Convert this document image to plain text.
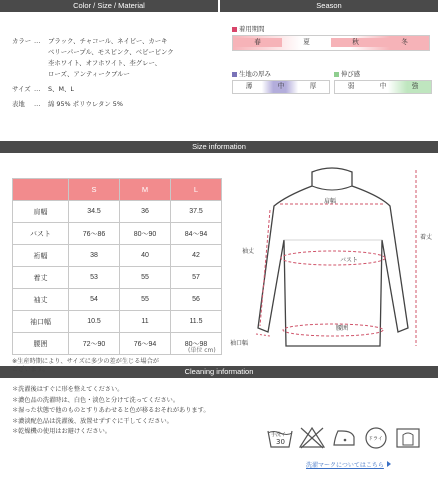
Color / Size / Material	Season
Size information
Cleaning information
カラー … ブラック、チャコール、ネイビー、カーキ
ベリーパープル、モスピンク、ベビーピンク
杢ホワイト、オフホワイト、杢グレー、
ローズ、アンティークブルー
サイズ … S、M、L
表地 … 綿 95% ポリウレタン 5%
着用期間
春	夏	秋	冬
生地の厚み
薄	中	厚
伸び感
弱	中	強
	S	M	L
肩幅	34.5	36	37.5
バスト	76〜86	80〜90	84〜94
裄幅	38	40	42
着丈	53	55	57
袖丈	54	55	56
袖口幅	10.5	11	11.5
腰囲	72〜90	76〜94	80〜98
(単位 cm)
※生産時期により、サイズに多少の差が生じる場合が
ございます。
肩幅
袖丈
着丈
バスト
腰囲
袖口幅
＊洗濯後はすぐに形を整えてください。
＊濃色品の洗濯時は、白色・淡色と分けて洗ってください。
＊湿った状態で他のものとすりあわせると色が移るおそれがあります。
＊濃淡配色品は洗濯後、放置せずすぐに干してください。
＊乾燥機の使用はお避けください。	手洗イ
30	ドライ
洗濯マークについてはこちら
